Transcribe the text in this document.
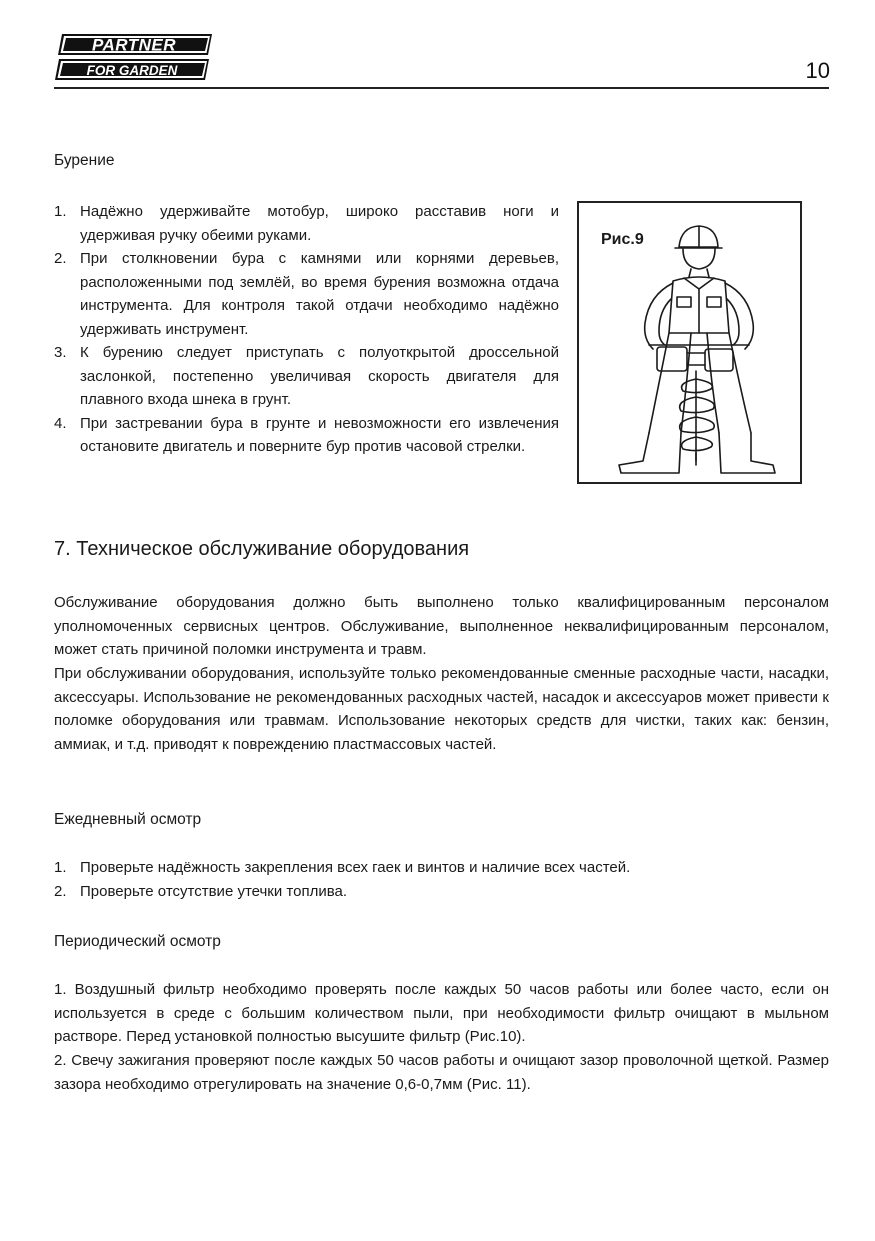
PARTNER
FOR GARDEN	10
Бурение
1. Надёжно удерживайте мотобур, широко расставив ноги и удерживая ручку обеими руками.
2. При столкновении бура с камнями или корнями деревьев, расположенными под землёй, во время бурения возможна отдача инструмента. Для контроля такой отдачи необходимо надёжно удерживать инструмент.
3. К бурению следует приступать с полуоткрытой дроссельной заслонкой, постепенно увеличивая скорость двигателя для плавного входа шнека в грунт.
4. При застревании бура в грунте и невозможности его извлечения остановите двигатель и поверните бур против часовой стрелки.
Рис.9
7. Техническое обслуживание оборудования

Обслуживание оборудования должно быть выполнено только квалифицированным персоналом уполномоченных сервисных центров. Обслуживание, выполненное неквалифицированным персоналом, может стать причиной поломки инструмента и травм.

При обслуживании оборудования, используйте только рекомендованные сменные расходные части, насадки, аксессуары. Использование не рекомендованных расходных частей, насадок и аксессуаров может привести к поломке оборудования или травмам. Использование некоторых средств для чистки, таких как: бензин, аммиак, и т.д. приводят к повреждению пластмассовых частей.

Ежедневный осмотр
1. Проверьте надёжность закрепления всех гаек и винтов и наличие всех частей.
2. Проверьте отсутствие утечки топлива.
Периодический осмотр

1. Воздушный фильтр необходимо проверять после каждых 50 часов работы или более часто, если он используется в среде с большим количеством пыли, при необходимости фильтр очищают в мыльном растворе. Перед установкой полностью высушите фильтр (Рис.10).

2. Свечу зажигания проверяют после каждых 50 часов работы и очищают зазор проволочной щеткой. Размер зазора необходимо отрегулировать на значение 0,6-0,7мм (Рис. 11).
